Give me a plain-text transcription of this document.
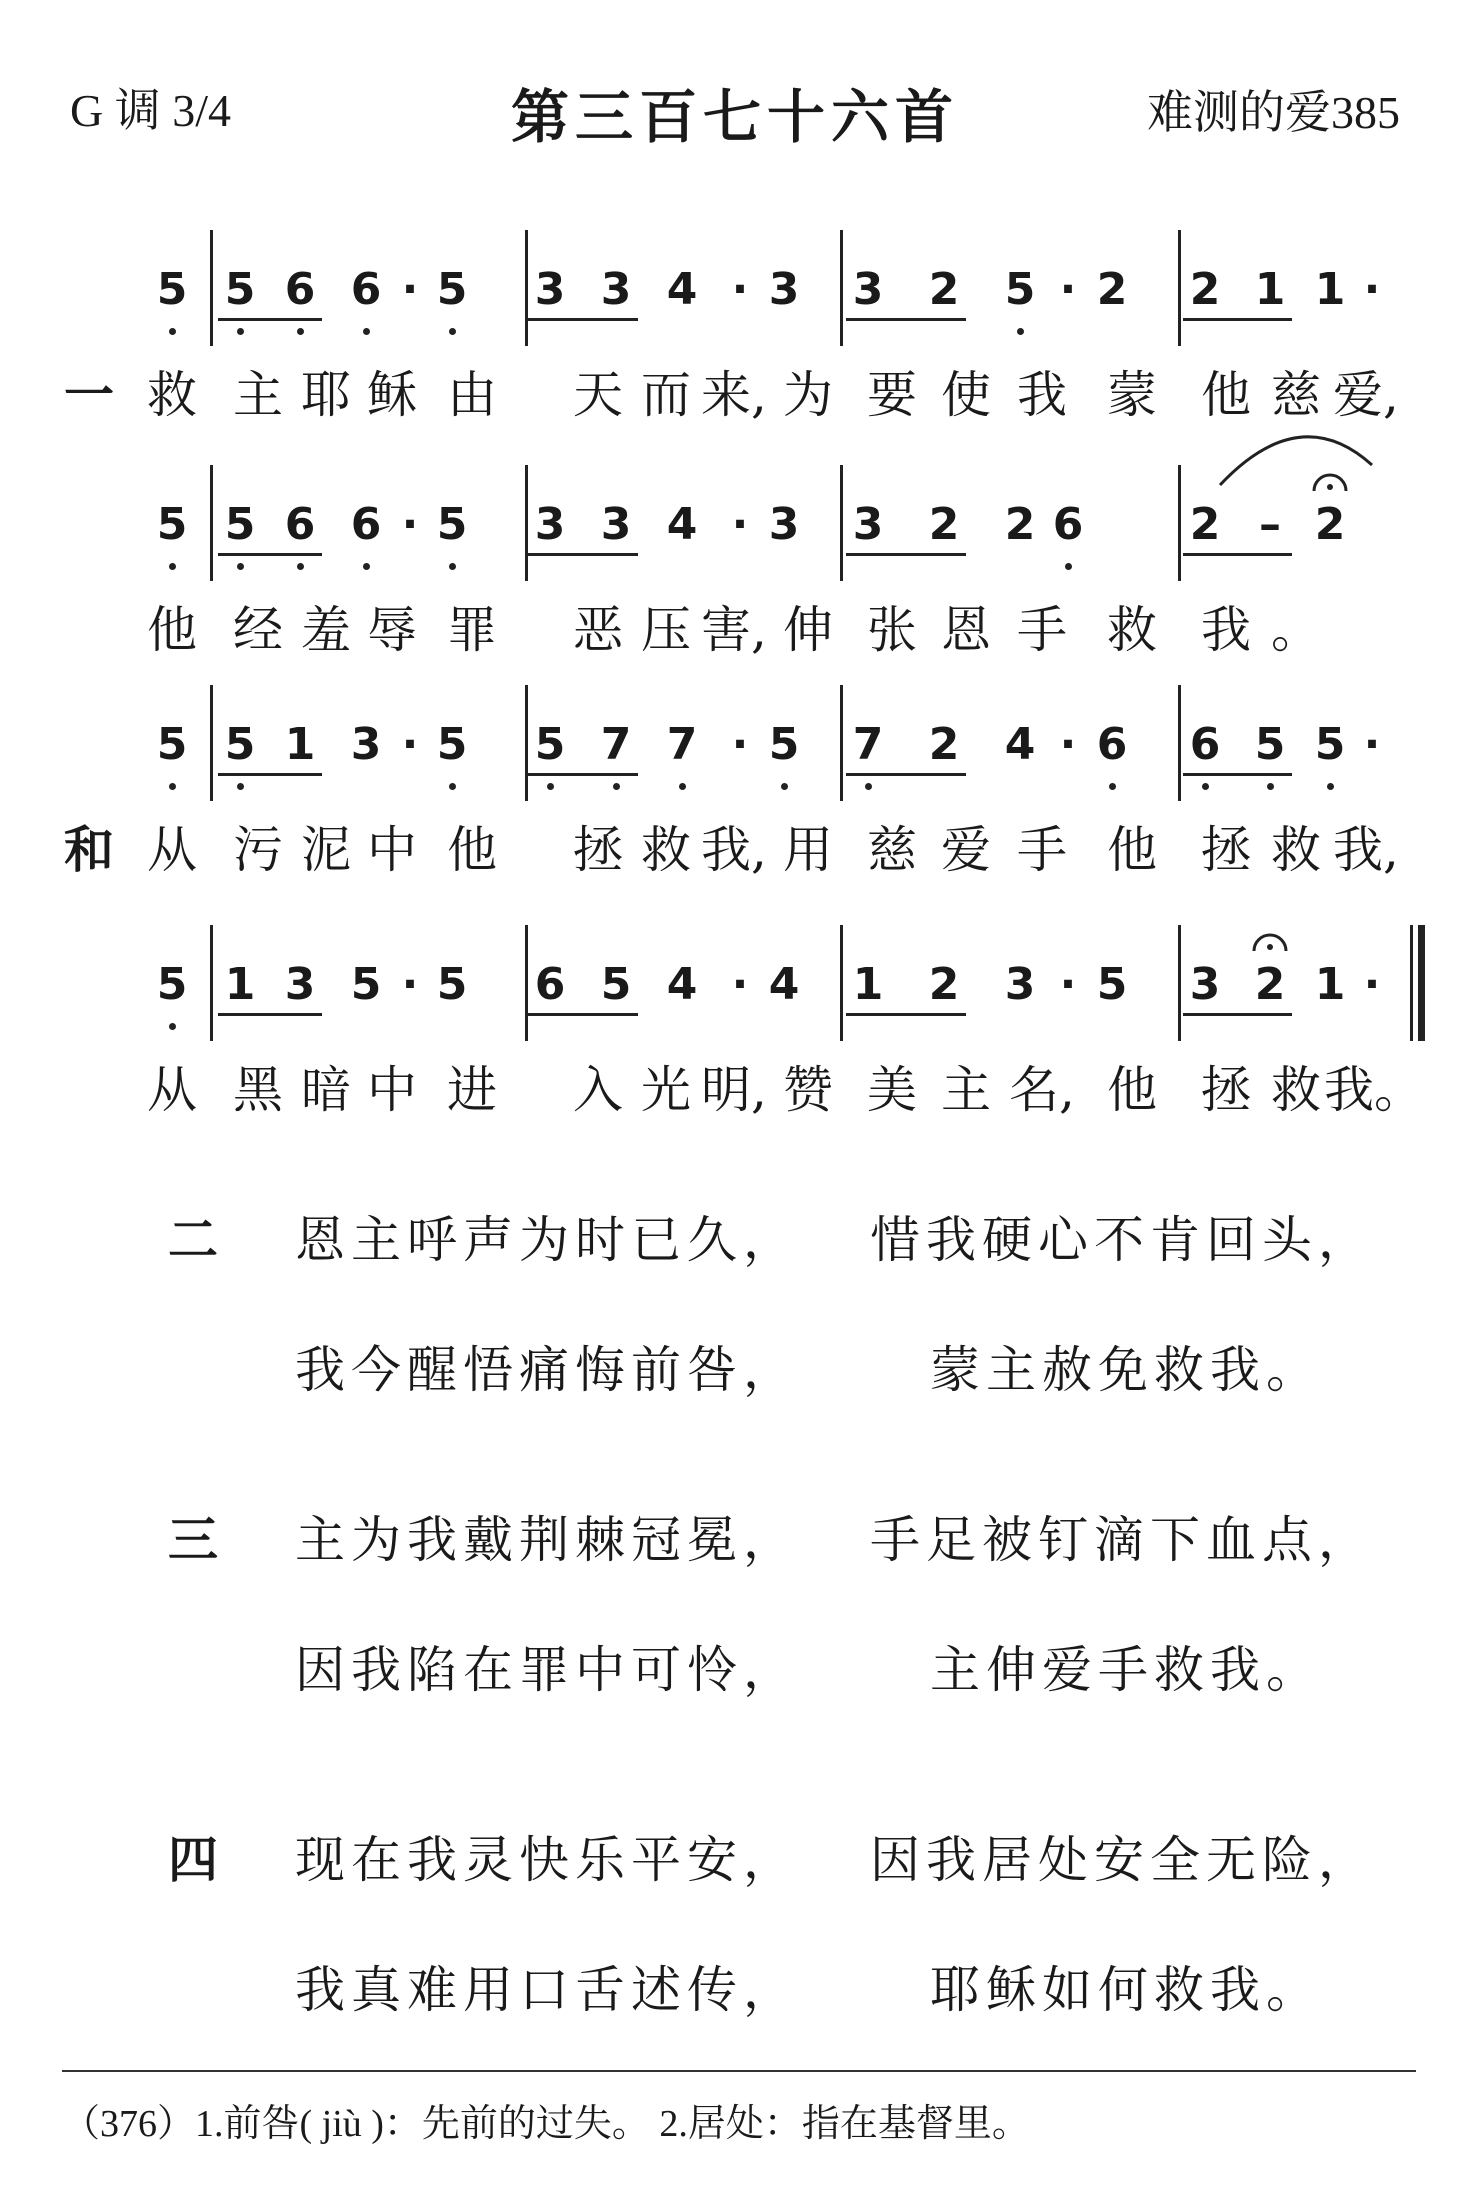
G 调 3/4	第三百七十六首	难测的爱385
一
5 5 6 6 · 5 3 3 4 · 3 3 2 5 · 2 2 1 1 ·
救 主 耶 稣 由	天 而 来, 为 要 使 我 蒙 他 慈 爱,
5 5 6 6 · 5 3 3 4 · 3 3 2 2 6 2 – 2
他 经 羞 辱 罪	恶 压 害, 伸 张 恩 手 救 我 。
和
5 5 1 3 · 5 5 7 7 · 5 7 2 4 · 6 6 5 5 ·
从 污 泥 中 他	拯 救 我, 用 慈 爱 手 他 拯 救 我,
5 1 3 5 · 5 6 5 4 · 4 1 2 3 · 5 3 2 1 ·
从 黑 暗 中 进	入 光 明, 赞 美 主 名, 他 拯 救 我。
二 恩主呼声为时已久， 惜我硬心不肯回头，
我今醒悟痛悔前咎，	蒙主赦免救我。
三 主为我戴荆棘冠冕， 手足被钉滴下血点，
因我陷在罪中可怜，	主伸爱手救我。
四 现在我灵快乐平安， 因我居处安全无险，
我真难用口舌述传，	耶稣如何救我。
（376）1.前咎( jiù )：先前的过失。 2.居处：指在基督里。
